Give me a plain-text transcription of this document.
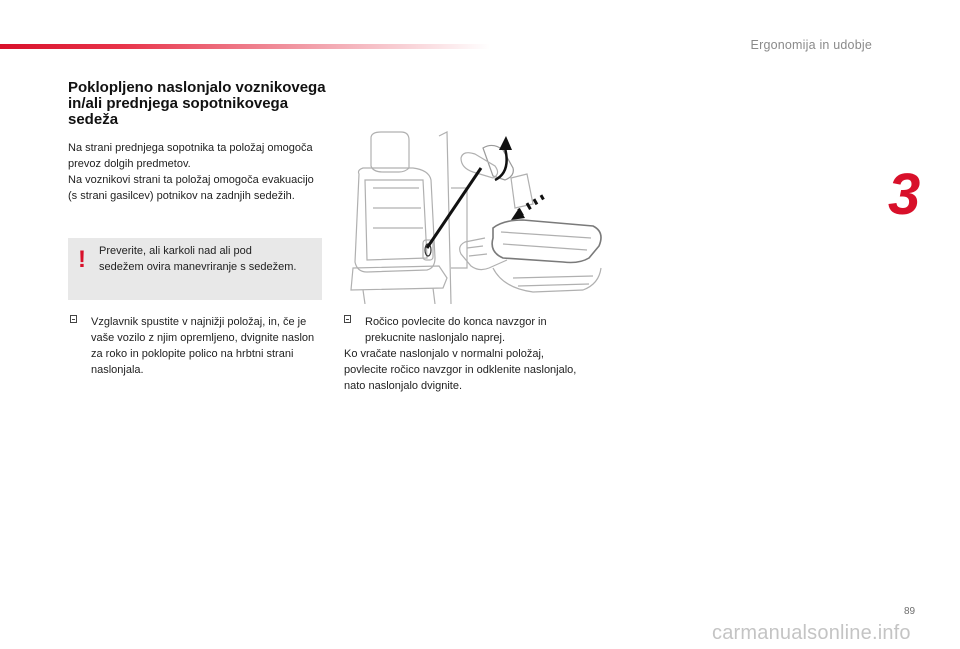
Ergonomija in udobje
3
Poklopljeno naslonjalo voznikovega in/ali prednjega sopotnikovega sedeža

Na strani prednjega sopotnika ta položaj omogoča prevoz dolgih predmetov.
Na voznikovi strani ta položaj omogoča evakuacijo (s strani gasilcev) potnikov na zadnjih sedežih.

! Preverite, ali karkoli nad ali pod sedežem ovira manevriranje s sedežem.

Vzglavnik spustite v najnižji položaj, in, če je vaše vozilo z njim opremljeno, dvignite naslon za roko in poklopite polico na hrbtni strani naslonjala.
Ročico povlecite do konca navzgor in prekucnite naslonjalo naprej.

Ko vračate naslonjalo v normalni položaj, povlecite ročico navzgor in odklenite naslonjalo, nato naslonjalo dvignite.

89
carmanualsonline.info
